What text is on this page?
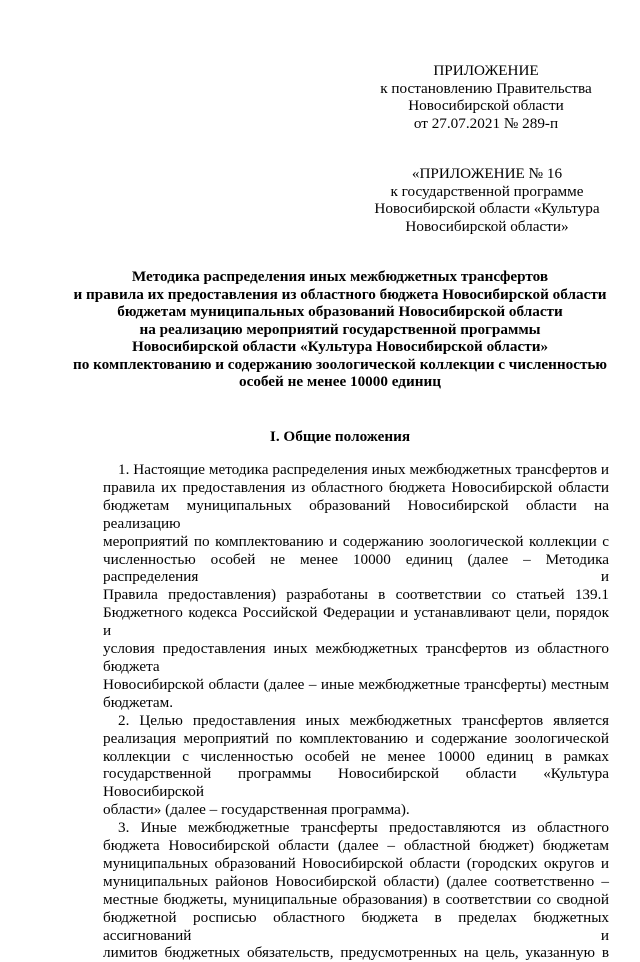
ПРИЛОЖЕНИЕ
к постановлению Правительства
Новосибирской области
от 27.07.2021 № 289-п
«ПРИЛОЖЕНИЕ № 16
к государственной программе
Новосибирской области «Культура
Новосибирской области»
Методика распределения иных межбюджетных трансфертов
и правила их предоставления из областного бюджета Новосибирской области
бюджетам муниципальных образований Новосибирской области
на реализацию мероприятий государственной программы
Новосибирской области «Культура Новосибирской области»
по комплектованию и содержанию зоологической коллекции с численностью
особей не менее 10000 единиц
I. Общие положения
1. Настоящие методика распределения иных межбюджетных трансфертов и
правила их предоставления из областного бюджета Новосибирской области
бюджетам муниципальных образований Новосибирской области на реализацию
мероприятий по комплектованию и содержанию зоологической коллекции с
численностью особей не менее 10000 единиц (далее – Методика распределения и
Правила предоставления) разработаны в соответствии со статьей 139.1
Бюджетного кодекса Российской Федерации и устанавливают цели, порядок и
условия предоставления иных межбюджетных трансфертов из областного бюджета
Новосибирской области (далее – иные межбюджетные трансферты) местным
бюджетам.
2. Целью предоставления иных межбюджетных трансфертов является
реализация мероприятий по комплектованию и содержание зоологической
коллекции с численностью особей не менее 10000 единиц в рамках
государственной программы Новосибирской области «Культура Новосибирской
области» (далее – государственная программа).
3. Иные межбюджетные трансферты предоставляются из областного
бюджета Новосибирской области (далее – областной бюджет) бюджетам
муниципальных образований Новосибирской области (городских округов и
муниципальных районов Новосибирской области) (далее соответственно –
местные бюджеты, муниципальные образования) в соответствии со сводной
бюджетной росписью областного бюджета в пределах бюджетных ассигнований и
лимитов бюджетных обязательств, предусмотренных на цель, указанную в
